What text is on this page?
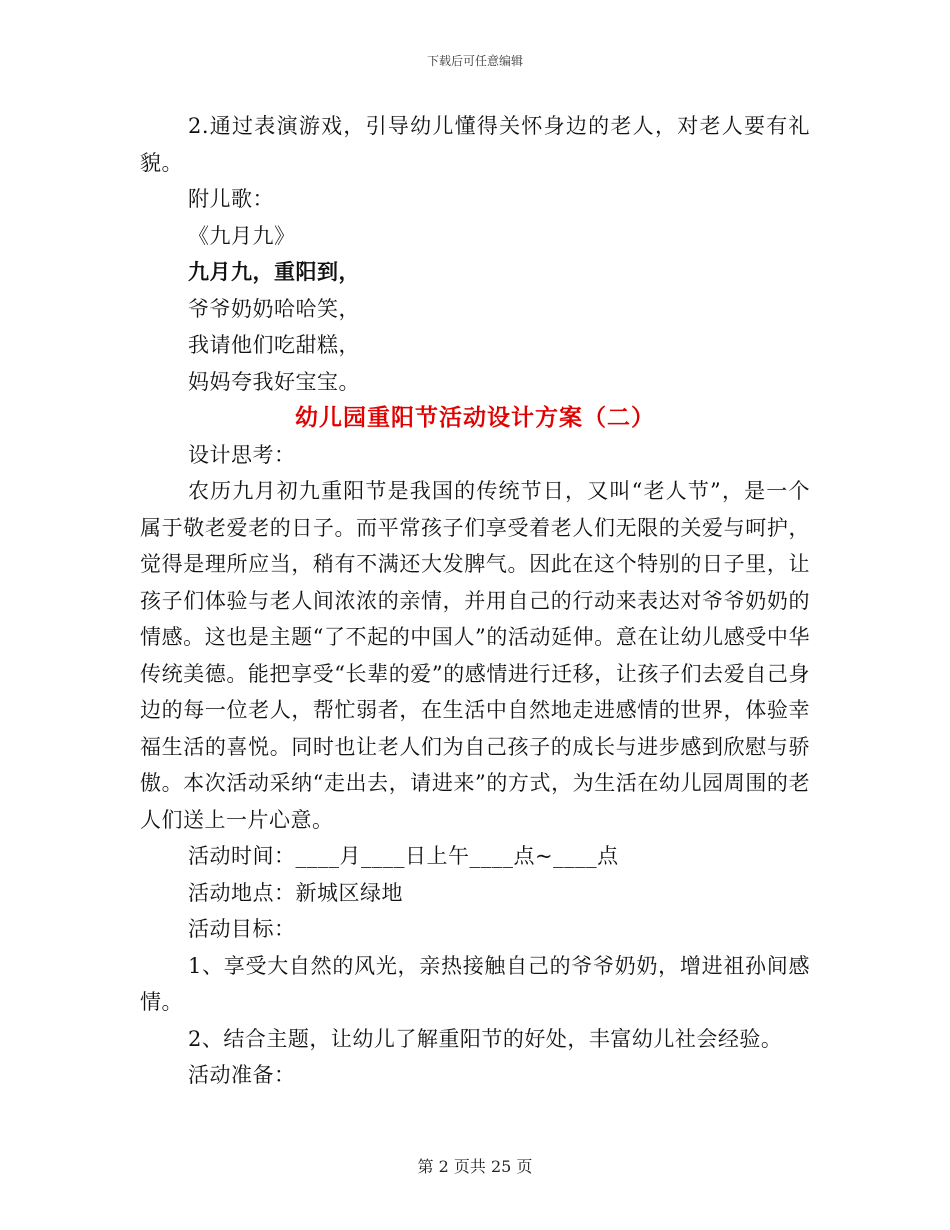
下载后可任意编辑

2.通过表演游戏，引导幼儿懂得关怀身边的老人，对老人要有礼貌。

附儿歌：

《九月九》

九月九，重阳到，

爷爷奶奶哈哈笑，

我请他们吃甜糕，

妈妈夸我好宝宝。

幼儿园重阳节活动设计方案（二）

设计思考：

农历九月初九重阳节是我国的传统节日，又叫“老人节”，是一个属于敬老爱老的日子。而平常孩子们享受着老人们无限的关爱与呵护，觉得是理所应当，稍有不满还大发脾气。因此在这个特别的日子里，让孩子们体验与老人间浓浓的亲情，并用自己的行动来表达对爷爷奶奶的情感。这也是主题“了不起的中国人”的活动延伸。意在让幼儿感受中华传统美德。能把享受“长辈的爱”的感情进行迁移，让孩子们去爱自己身边的每一位老人，帮忙弱者，在生活中自然地走进感情的世界，体验幸福生活的喜悦。同时也让老人们为自己孩子的成长与进步感到欣慰与骄傲。本次活动采纳“走出去，请进来”的方式，为生活在幼儿园周围的老人们送上一片心意。

活动时间：____月____日上午____点~____点

活动地点：新城区绿地

活动目标：

1、享受大自然的风光，亲热接触自己的爷爷奶奶，增进祖孙间感情。

2、结合主题，让幼儿了解重阳节的好处，丰富幼儿社会经验。

活动准备：

第 2 页共 25 页
